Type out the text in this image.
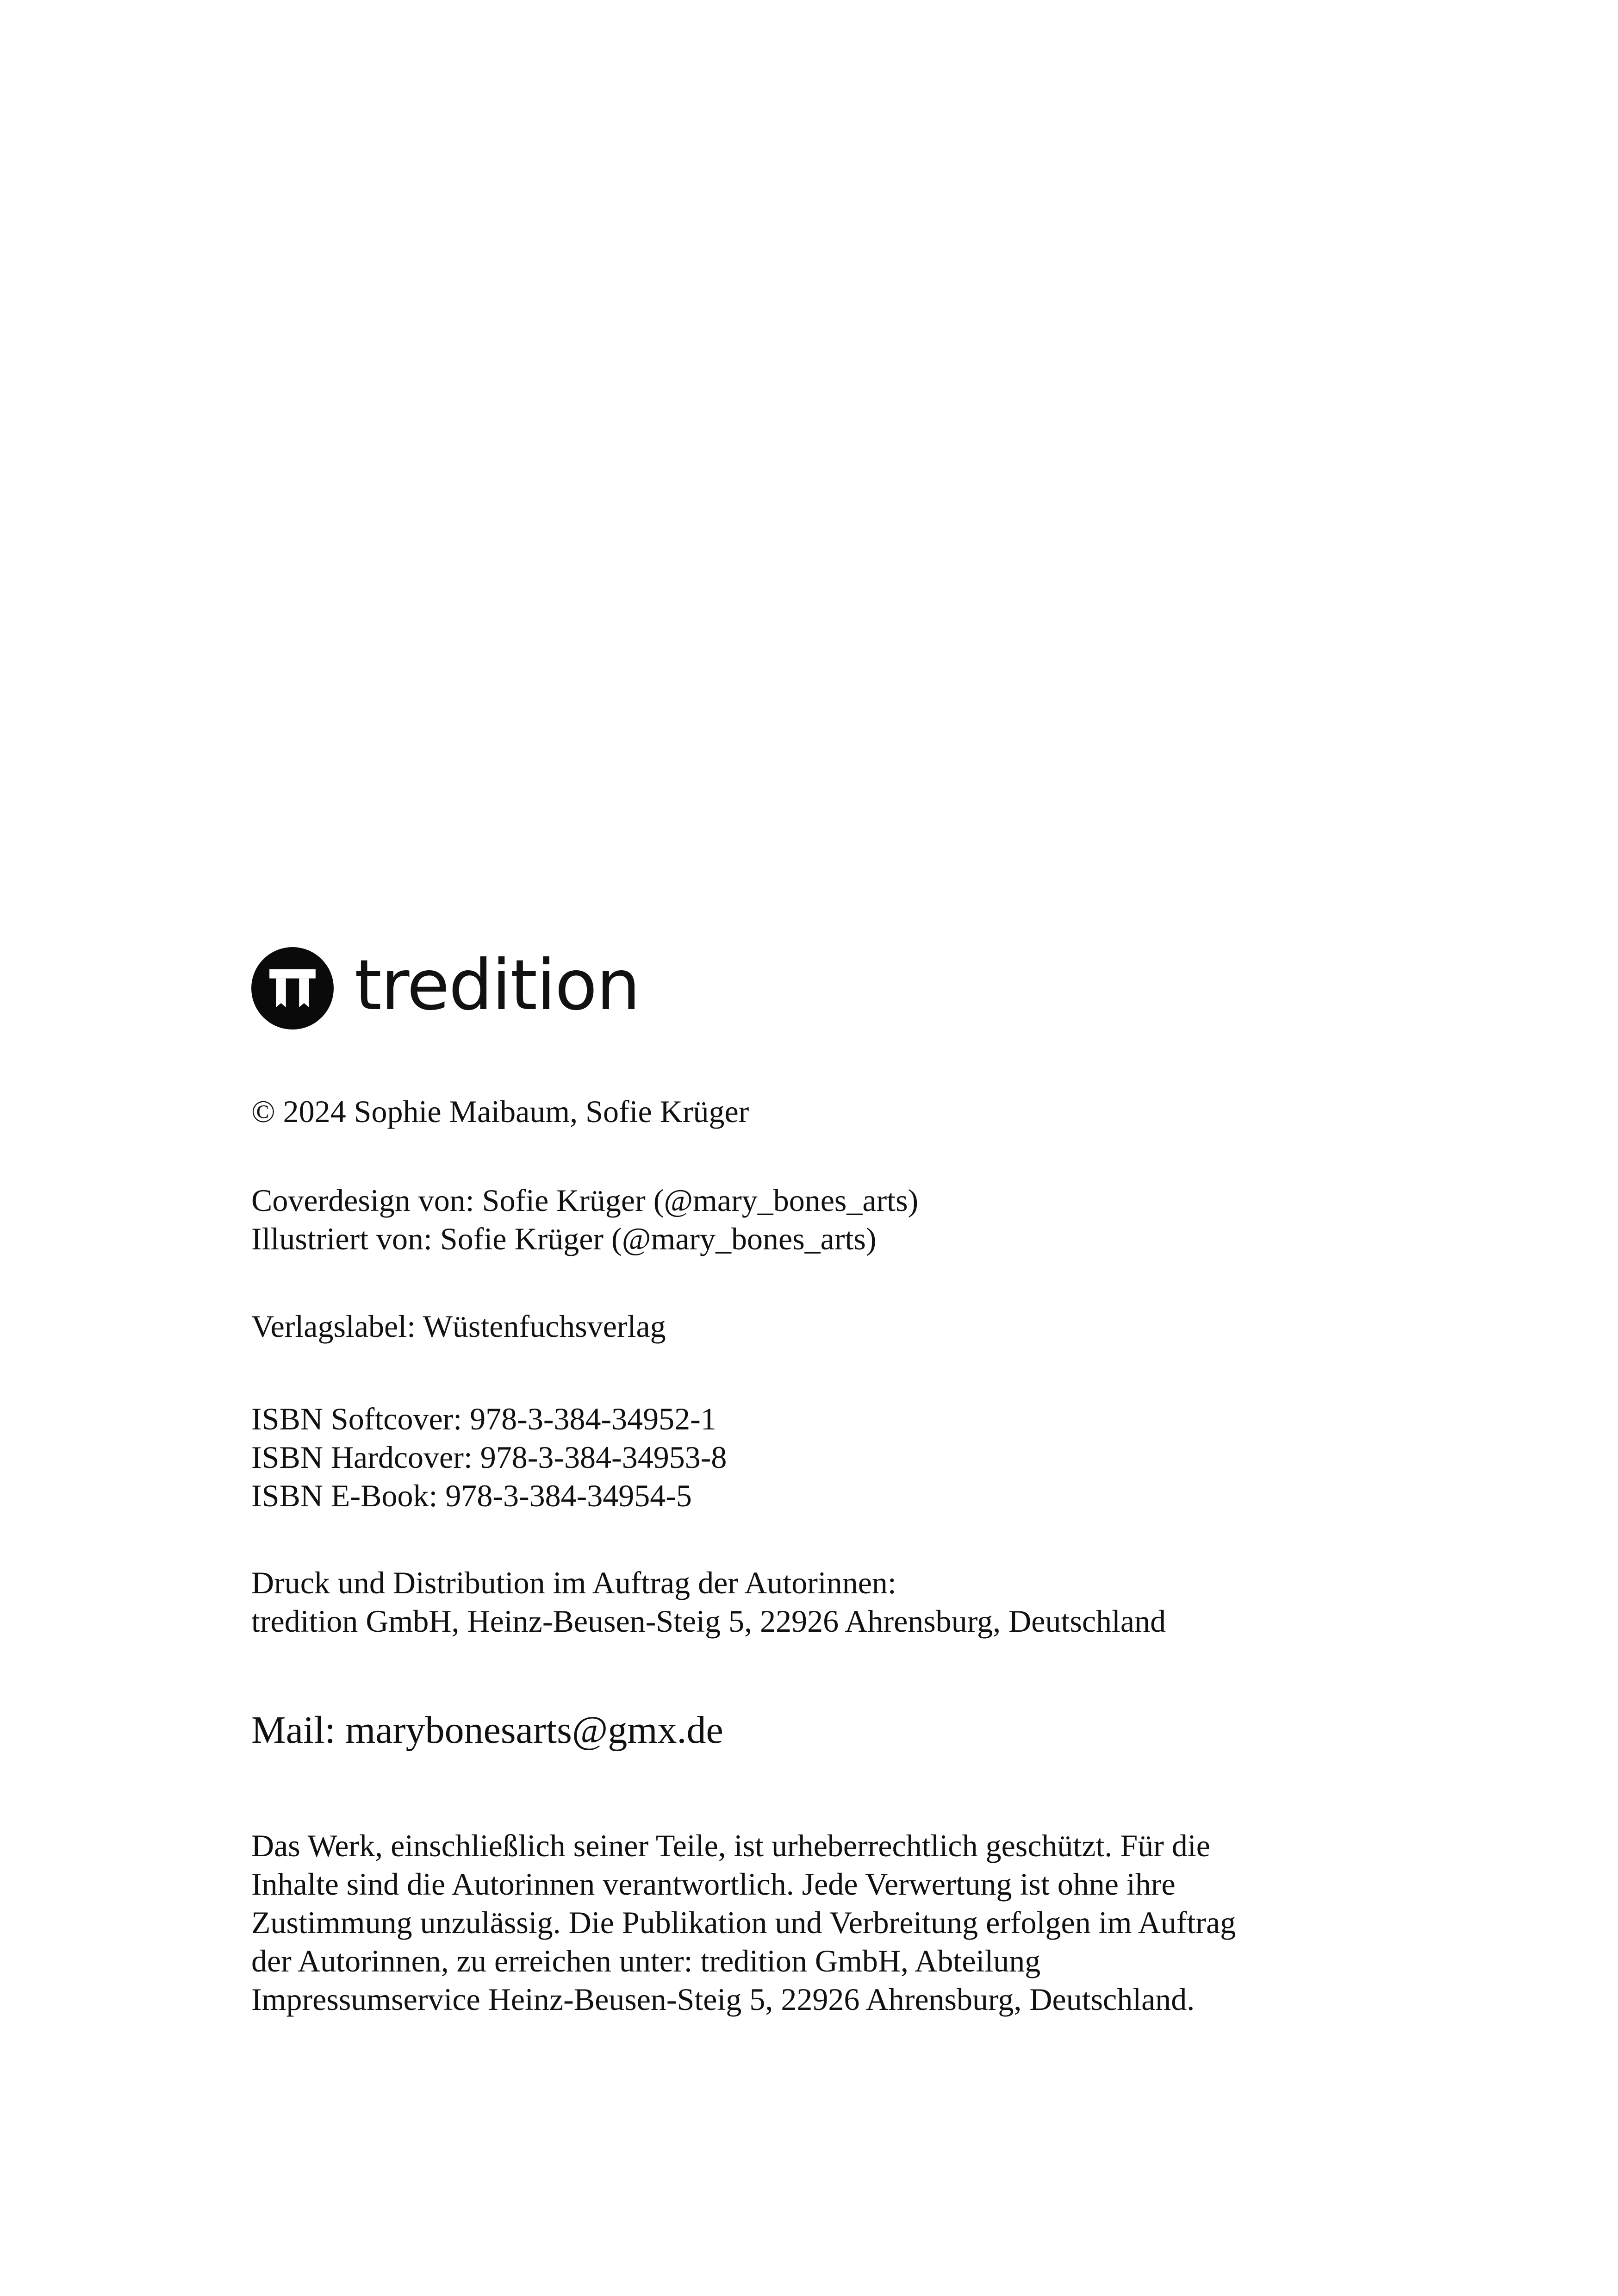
tredition
© 2024 Sophie Maibaum, Sofie Krüger
Coverdesign von: Sofie Krüger (@mary_bones_arts)
Illustriert von: Sofie Krüger (@mary_bones_arts)
Verlagslabel: Wüstenfuchsverlag
ISBN Softcover: 978-3-384-34952-1
ISBN Hardcover: 978-3-384-34953-8
ISBN E-Book: 978-3-384-34954-5
Druck und Distribution im Auftrag der Autorinnen:
tredition GmbH, Heinz-Beusen-Steig 5, 22926 Ahrensburg, Deutschland
Mail: marybonesarts@gmx.de
Das Werk, einschließlich seiner Teile, ist urheberrechtlich geschützt. Für die
Inhalte sind die Autorinnen verantwortlich. Jede Verwertung ist ohne ihre
Zustimmung unzulässig. Die Publikation und Verbreitung erfolgen im Auftrag
der Autorinnen, zu erreichen unter: tredition GmbH, Abteilung
Impressumservice Heinz-Beusen-Steig 5, 22926 Ahrensburg, Deutschland.
